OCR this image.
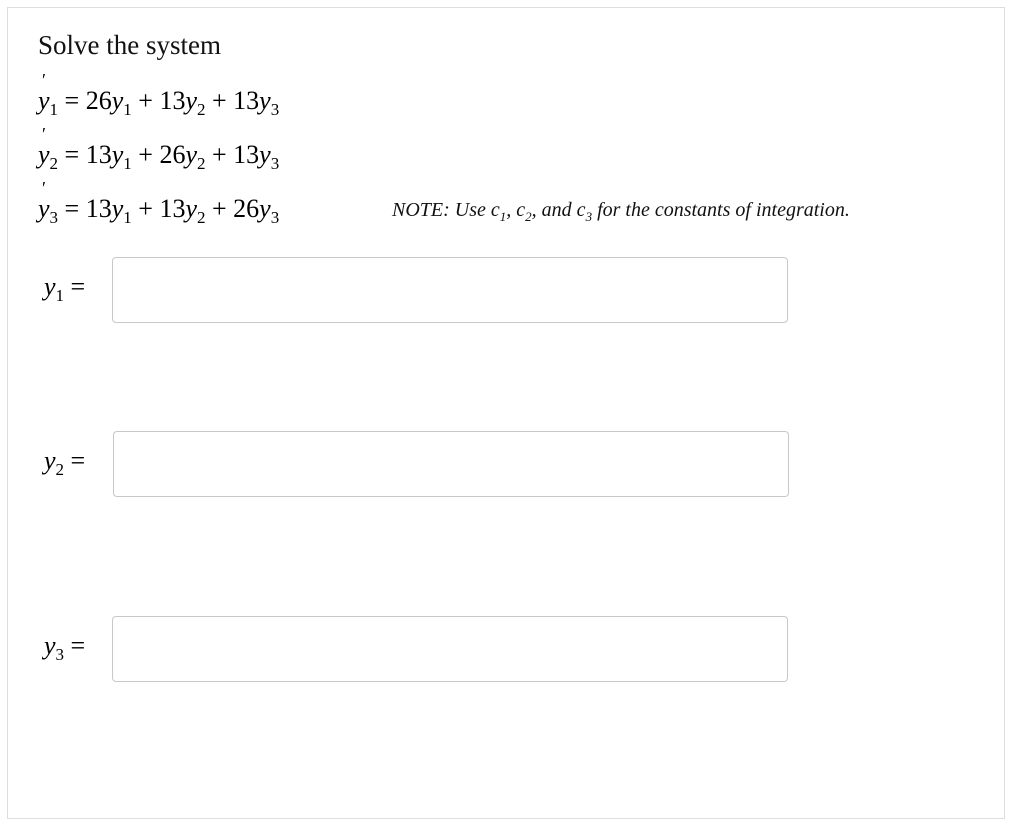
Solve the system
′ $y_1 = 26y_1 + 13y_2 + 13y_3$
′ $y_2 = 13y_1 + 26y_2 + 13y_3$
′ $y_3 = 13y_1 + 13y_2 + 26y_3$	NOTE: Use $c_1$, $c_2$, and $c_3$ for the constants of integration.
$y_1$ =
$y_2$ =
$y_3$ =
